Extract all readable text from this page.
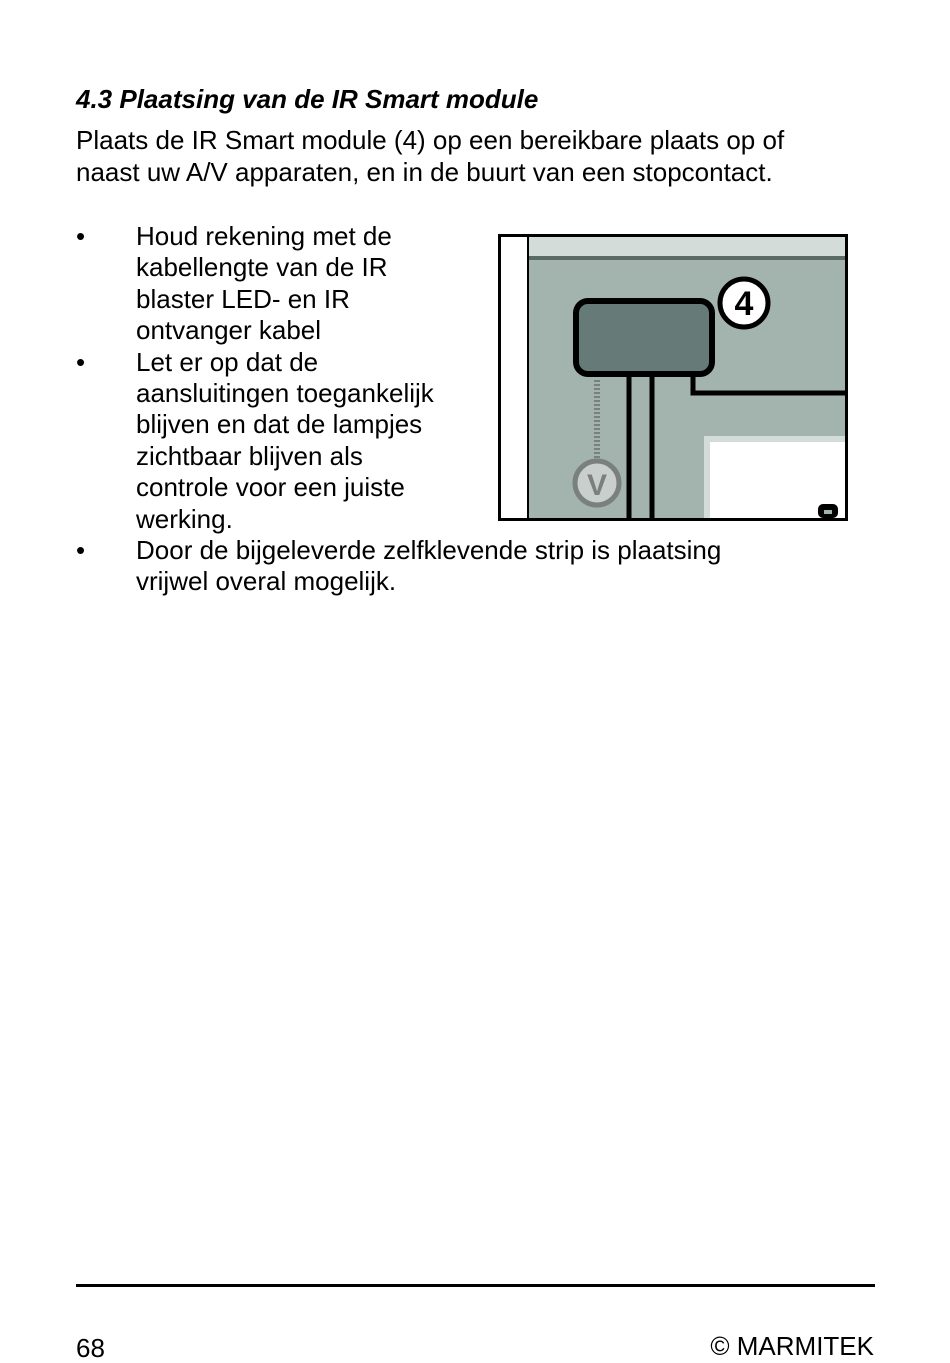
4.3 Plaatsing van de IR Smart module
Plaats de IR Smart module (4) op een bereikbare plaats op of
naast uw A/V apparaten, en in de buurt van een stopcontact.
•	Houd rekening met de
kabellengte van de IR
blaster LED- en IR
ontvanger kabel
•	Let er op dat de
aansluitingen toegankelijk
blijven en dat de lampjes
zichtbaar blijven als
controle voor een juiste
werking.
•	Door de bijgeleverde zelfklevende strip is plaatsing
vrijwel overal mogelijk.
4
V
68	© MARMITEK
